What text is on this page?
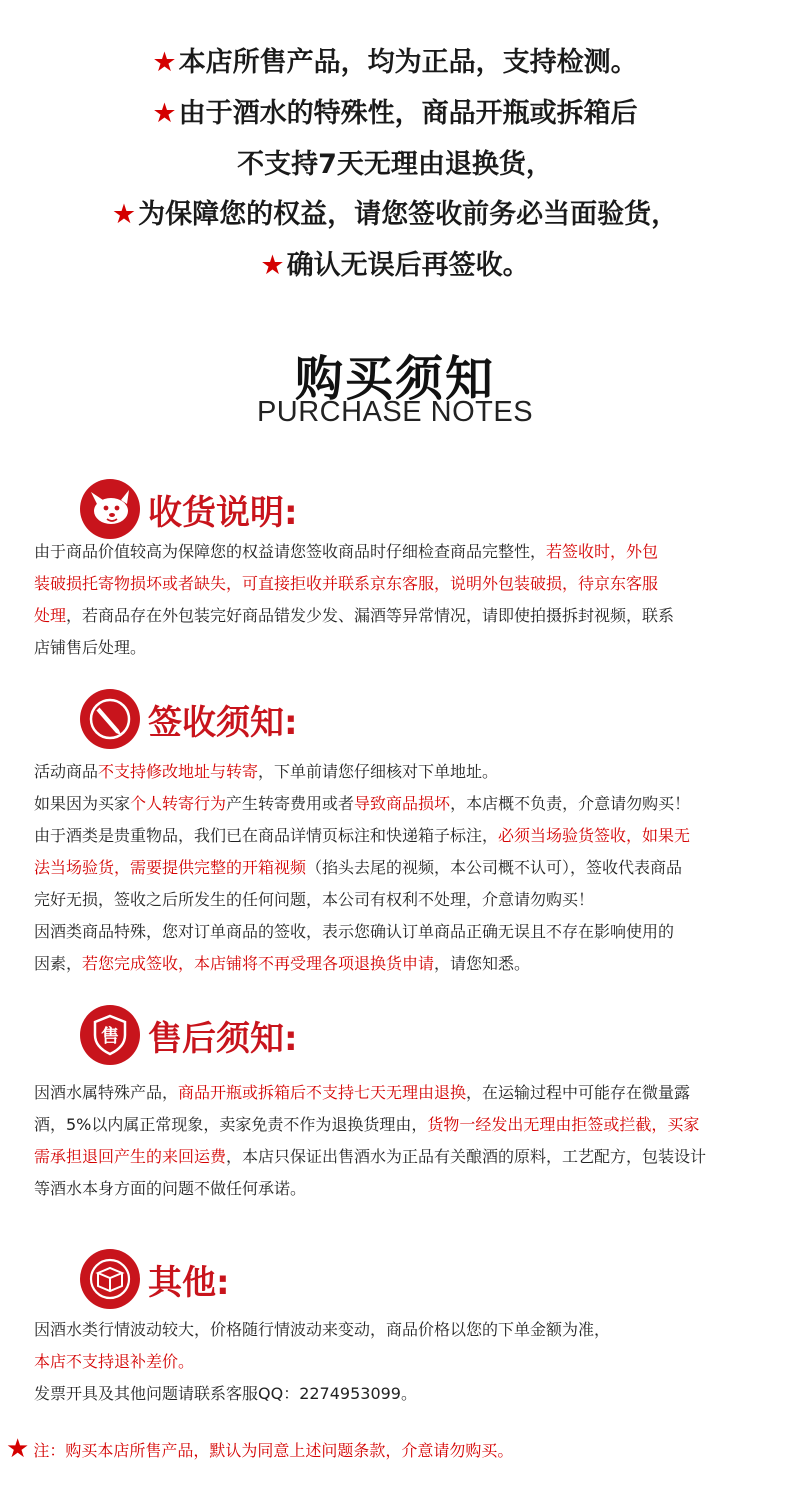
★本店所售产品，均为正品，支持检测。
★由于酒水的特殊性，商品开瓶或拆箱后
不支持7天无理由退换货，
★为保障您的权益，请您签收前务必当面验货，
★确认无误后再签收。
购买须知
PURCHASE NOTES
收货说明:

由于商品价值较高为保障您的权益请您签收商品时仔细检查商品完整性，若签收时，外包

装破损托寄物损坏或者缺失，可直接拒收并联系京东客服，说明外包装破损，待京东客服

处理，若商品存在外包装完好商品错发少发、漏酒等异常情况，请即使拍摄拆封视频，联系

店铺售后处理。

签收须知:

活动商品不支持修改地址与转寄，下单前请您仔细核对下单地址。

如果因为买家个人转寄行为产生转寄费用或者导致商品损坏，本店概不负责，介意请勿购买！

由于酒类是贵重物品，我们已在商品详情页标注和快递箱子标注，必须当场验货签收，如果无

法当场验货，需要提供完整的开箱视频（掐头去尾的视频，本公司概不认可），签收代表商品

完好无损，签收之后所发生的任何问题，本公司有权利不处理，介意请勿购买！

因酒类商品特殊，您对订单商品的签收，表示您确认订单商品正确无误且不存在影响使用的

因素，若您完成签收，本店铺将不再受理各项退换货申请，请您知悉。

售 售后须知:

因酒水属特殊产品，商品开瓶或拆箱后不支持七天无理由退换，在运输过程中可能存在微量露

酒，5%以内属正常现象，卖家免责不作为退换货理由，货物一经发出无理由拒签或拦截，买家

需承担退回产生的来回运费，本店只保证出售酒水为正品有关酿酒的原料，工艺配方，包装设计

等酒水本身方面的问题不做任何承诺。

其他:

因酒水类行情波动较大，价格随行情波动来变动，商品价格以您的下单金额为准，

本店不支持退补差价。

发票开具及其他问题请联系客服QQ：2274953099。

★ 注：购买本店所售产品，默认为同意上述问题条款，介意请勿购买。
